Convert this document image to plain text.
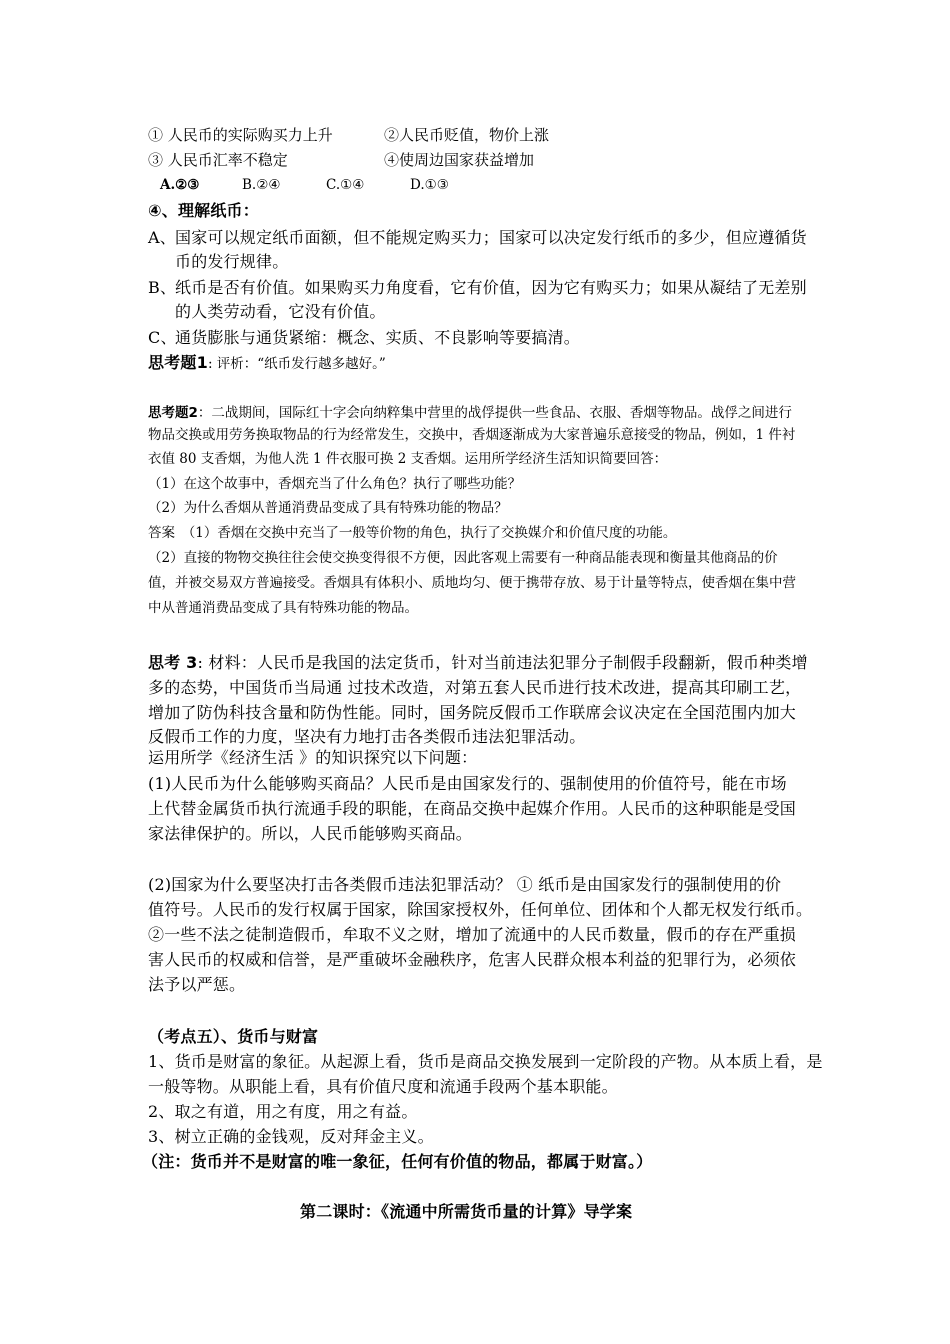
① 人民币的实际购买力上升	②人民币贬值，物价上涨
③ 人民币汇率不稳定	④使周边国家获益增加
A.②③	B.②④	C.①④	D.①③
④、理解纸币：
A、 国家可以规定纸币面额，但不能规定购买力；国家可以决定发行纸币的多少，但应遵循货
币的发行规律。
B、
纸币是否有价值。如果购买力角度看，它有价值，因为它有购买力；如果从凝结了无差别
的人类劳动看，它没有价值。
C、
通货膨胀与通货紧缩：概念、实质、不良影响等要搞清。
思考题1: 评析：“纸币发行越多越好。”
思考题2：二战期间，国际红十字会向纳粹集中营里的战俘提供一些食品、衣服、香烟等物品。战俘之间进行
物品交换或用劳务换取物品的行为经常发生，交换中，香烟逐渐成为大家普遍乐意接受的物品，例如，1 件衬
衣值 80 支香烟，为他人洗 1 件衣服可换 2 支香烟。运用所学经济生活知识简要回答：
（1）在这个故事中，香烟充当了什么角色？执行了哪些功能？
（2）为什么香烟从普通消费品变成了具有特殊功能的物品？
答案　（1）香烟在交换中充当了一般等价物的角色，执行了交换媒介和价值尺度的功能。
（2）直接的物物交换往往会使交换变得很不方便，因此客观上需要有一种商品能表现和衡量其他商品的价
值，并被交易双方普遍接受。香烟具有体积小、质地均匀、便于携带存放、易于计量等特点，使香烟在集中营
中从普通消费品变成了具有特殊功能的物品。
思考 3: 材料：人民币是我国的法定货币，针对当前违法犯罪分子制假手段翻新，假币种类增
多的态势，中国货币当局通 过技术改造，对第五套人民币进行技术改进，提高其印刷工艺，
增加了防伪科技含量和防伪性能。同时，国务院反假币工作联席会议决定在全国范围内加大
反假币工作的力度，坚决有力地打击各类假币违法犯罪活动。
运用所学《经济生活 》的知识探究以下问题：
(1)人民币为什么能够购买商品？人民币是由国家发行的、强制使用的价值符号，能在市场
上代替金属货币执行流通手段的职能，在商品交换中起媒介作用。人民币的这种职能是受国
家法律保护的。所以，人民币能够购买商品。
(2)国家为什么要坚决打击各类假币违法犯罪活动？ ① 纸币是由国家发行的强制使用的价
值符号。人民币的发行权属于国家，除国家授权外，任何单位、团体和个人都无权发行纸币。
②一些不法之徒制造假币，牟取不义之财，增加了流通中的人民币数量，假币的存在严重损
害人民币的权威和信誉，是严重破坏金融秩序，危害人民群众根本利益的犯罪行为，必须依
法予以严惩。
（考点五）、货币与财富
1、货币是财富的象征。从起源上看，货币是商品交换发展到一定阶段的产物。从本质上看，是
一般等物。从职能上看，具有价值尺度和流通手段两个基本职能。
2、取之有道，用之有度，用之有益。
3、树立正确的金钱观，反对拜金主义。
（注：货币并不是财富的唯一象征，任何有价值的物品，都属于财富。）
第二课时：《流通中所需货币量的计算》导学案
